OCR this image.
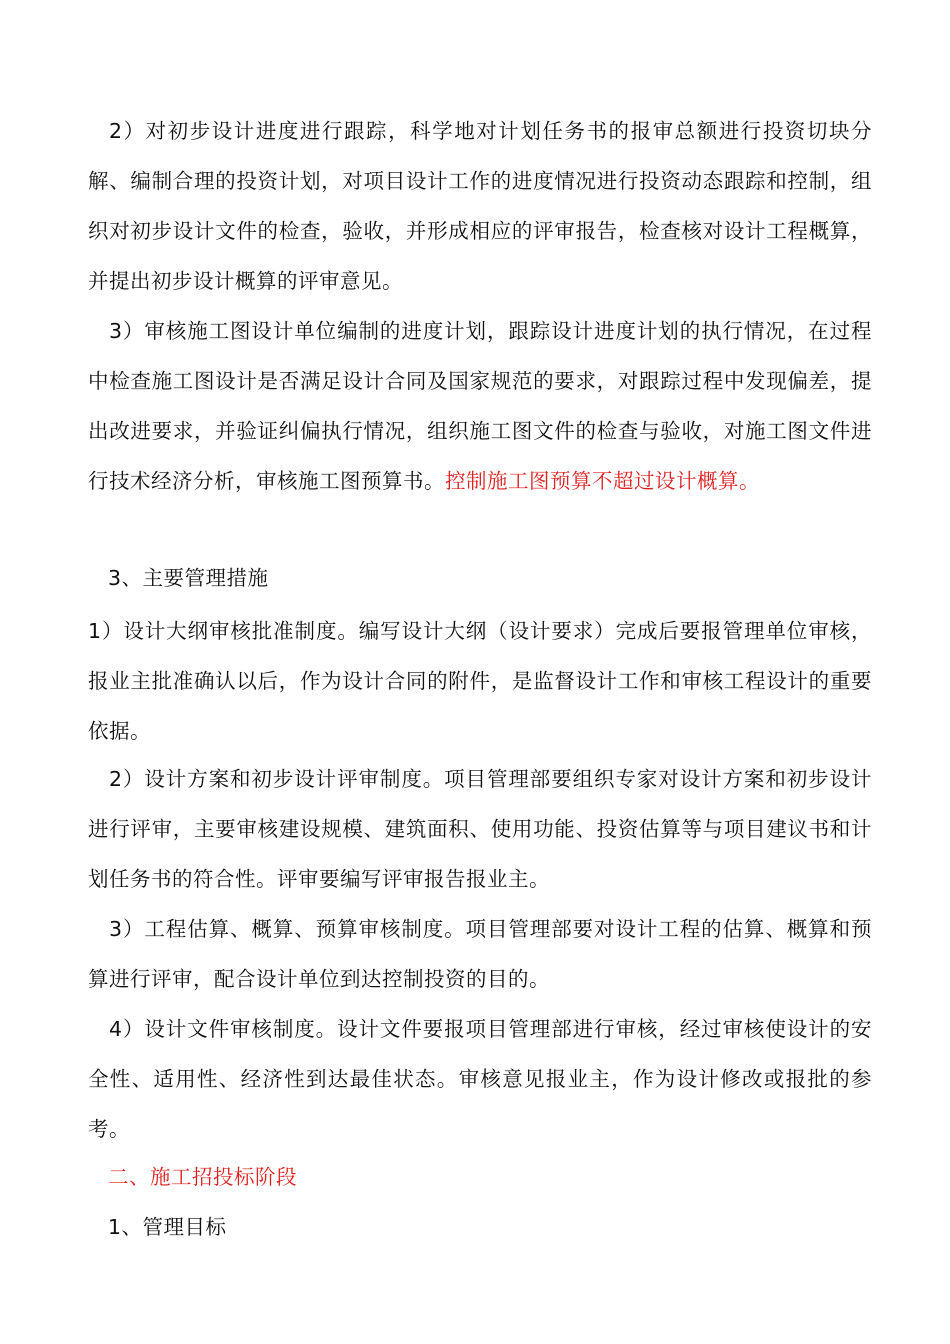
2）对初步设计进度进行跟踪，科学地对计划任务书的报审总额进行投资切块分解、编制合理的投资计划，对项目设计工作的进度情况进行投资动态跟踪和控制，组织对初步设计文件的检查，验收，并形成相应的评审报告，检查核对设计工程概算，并提出初步设计概算的评审意见。

3）审核施工图设计单位编制的进度计划，跟踪设计进度计划的执行情况，在过程中检查施工图设计是否满足设计合同及国家规范的要求，对跟踪过程中发现偏差，提出改进要求，并验证纠偏执行情况，组织施工图文件的检查与验收，对施工图文件进行技术经济分析，审核施工图预算书。控制施工图预算不超过设计概算。

3、主要管理措施

1）设计大纲审核批准制度。编写设计大纲（设计要求）完成后要报管理单位审核，报业主批准确认以后，作为设计合同的附件，是监督设计工作和审核工程设计的重要依据。

2）设计方案和初步设计评审制度。项目管理部要组织专家对设计方案和初步设计进行评审，主要审核建设规模、建筑面积、使用功能、投资估算等与项目建议书和计划任务书的符合性。评审要编写评审报告报业主。

3）工程估算、概算、预算审核制度。项目管理部要对设计工程的估算、概算和预算进行评审，配合设计单位到达控制投资的目的。

4）设计文件审核制度。设计文件要报项目管理部进行审核，经过审核使设计的安全性、适用性、经济性到达最佳状态。审核意见报业主，作为设计修改或报批的参考。

二、施工招投标阶段

1、管理目标
